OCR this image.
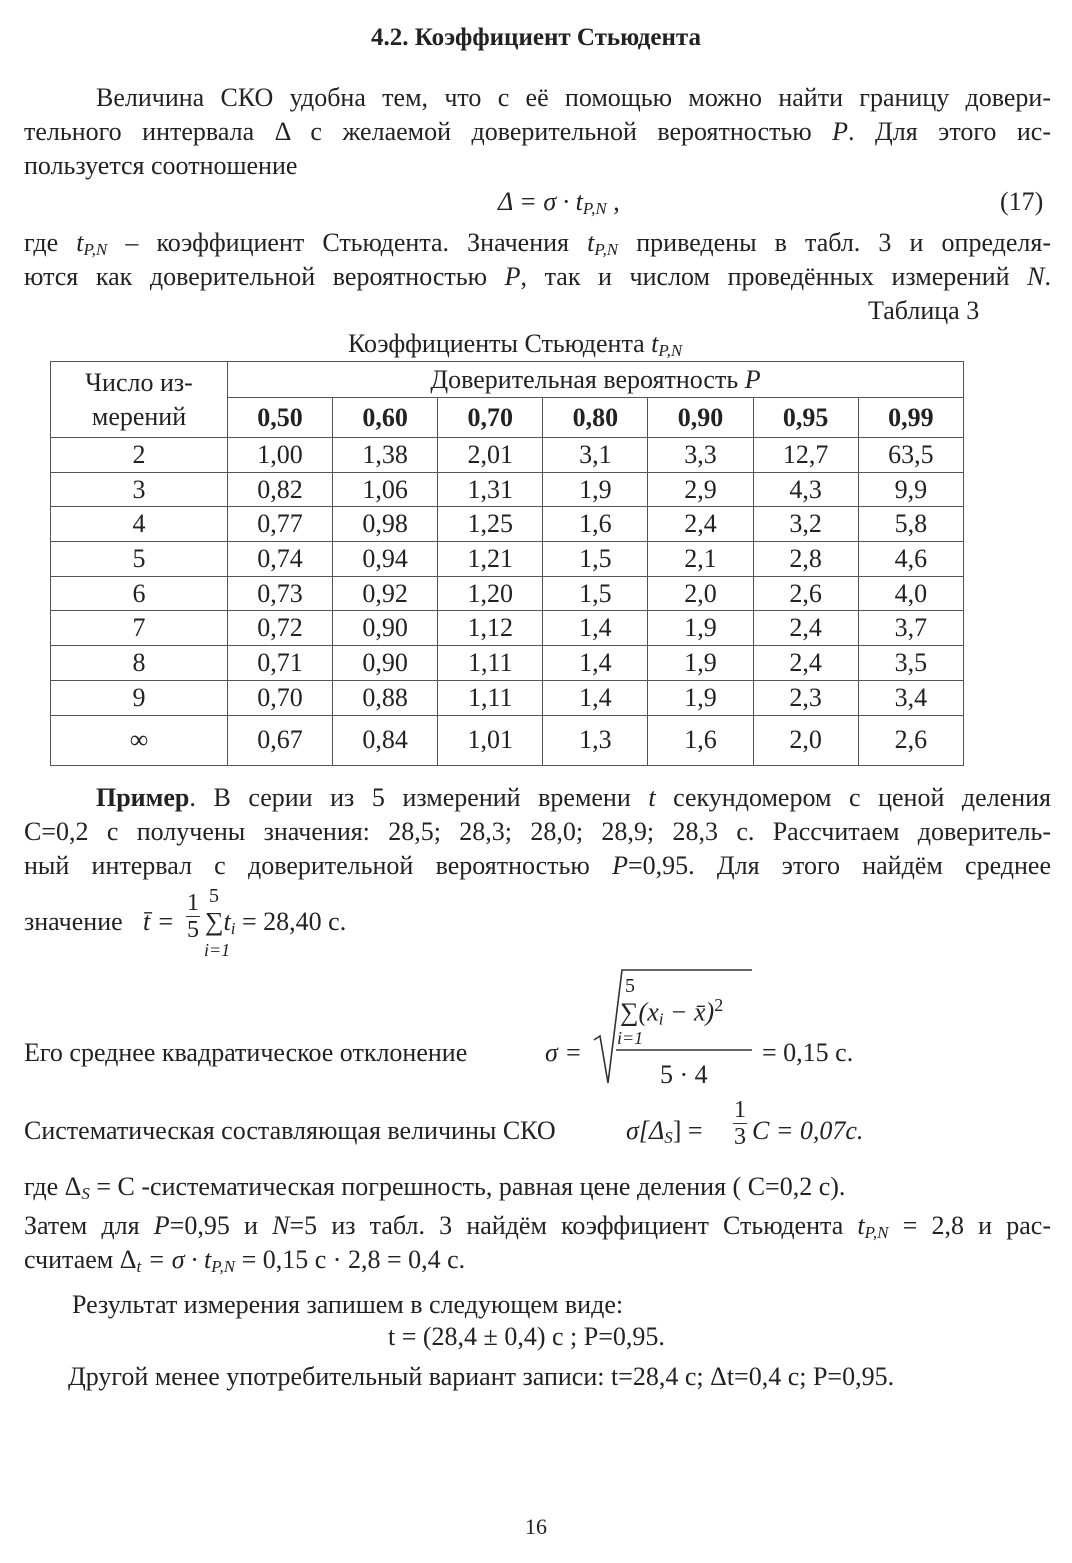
4.2. Коэффициент Стьюдента
Величина СКО удобна тем, что с её помощью можно найти границу довери-
тельного интервала Δ с желаемой доверительной вероятностью P. Для этого ис-
пользуется соотношение
$\Delta = \sigma \cdot t_{P,N}$ ,	(17)
где $t_{P,N}$ – коэффициент Стьюдента. Значения $t_{P,N}$ приведены в табл. 3 и определя-
ются как доверительной вероятностью P, так и числом проведённых измерений N.
Таблица 3
Коэффициенты Стьюдента $t_{P,N}$
Число из-
мерений	Доверительная вероятность P						
	0,50	0,60	0,70	0,80	0,90	0,95	0,99
2	1,00	1,38	2,01	3,1	3,3	12,7	63,5
3	0,82	1,06	1,31	1,9	2,9	4,3	9,9
4	0,77	0,98	1,25	1,6	2,4	3,2	5,8
5	0,74	0,94	1,21	1,5	2,1	2,8	4,6
6	0,73	0,92	1,20	1,5	2,0	2,6	4,0
7	0,72	0,90	1,12	1,4	1,9	2,4	3,7
8	0,71	0,90	1,11	1,4	1,9	2,4	3,5
9	0,70	0,88	1,11	1,4	1,9	2,3	3,4
∞	0,67	0,84	1,01	1,3	1,6	2,0	2,6
Пример. В серии из 5 измерений времени t секундомером с ценой деления
С=0,2 с получены значения: 28,5; 28,3; 28,0; 28,9; 28,3 с. Рассчитаем доверитель-
ный интервал с доверительной вероятностью P=0,95. Для этого найдём среднее
значение t̄ =
1
5
5
$\sum t_i = 28,40$ с.
i=1
Его среднее квадратическое отклонение	σ =
5
$\sum(x_i$ − x̄)$^2$
i=1
5 · 4
= 0,15 с.
Систематическая составляющая величины СКО	$\sigma[\Delta_S]$ =
1
3 C = 0,07с.
где $\Delta_S = C$ -систематическая погрешность, равная цене деления ( С=0,2 с).
Затем для P=0,95 и N=5 из табл. 3 найдём коэффициент Стьюдента $t_{P,N} = 2,8$ и рас-
считаем $\Delta_t = \sigma \cdot t_{P,N} = 0,15$ с · 2,8 = 0,4 с.
Результат измерения запишем в следующем виде:
t = (28,4 ± 0,4) c ; P=0,95.
Другой менее употребительный вариант записи: t=28,4 с; Δt=0,4 с; P=0,95.
16
